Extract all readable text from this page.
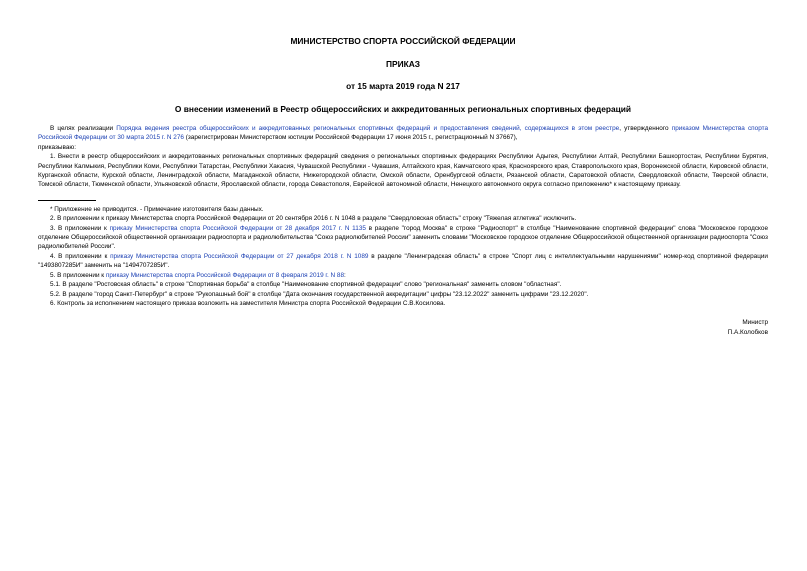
МИНИСТЕРСТВО СПОРТА РОССИЙСКОЙ ФЕДЕРАЦИИ
ПРИКАЗ
от 15 марта 2019 года N 217
О внесении изменений в Реестр общероссийских и аккредитованных региональных спортивных федераций

В целях реализации Порядка ведения реестра общероссийских и аккредитованных региональных спортивных федераций и предоставления сведений, содержащихся в этом реестре, утвержденного приказом Министерства спорта Российской Федерации от 30 марта 2015 г. N 276 (зарегистрирован Министерством юстиции Российской Федерации 17 июня 2015 г., регистрационный N 37667),

приказываю:

1. Внести в реестр общероссийских и аккредитованных региональных спортивных федераций сведения о региональных спортивных федерациях Республики Адыгея, Республики Алтай, Республики Башкортостан, Республики Бурятия, Республики Калмыкия, Республики Коми, Республики Татарстан, Республики Хакасия, Чувашской Республики - Чувашия, Алтайского края, Камчатского края, Красноярского края, Ставропольского края, Воронежской области, Кировской области, Курганской области, Курской области, Ленинградской области, Магаданской области, Нижегородской области, Омской области, Оренбургской области, Рязанской области, Саратовской области, Свердловской области, Тверской области, Томской области, Тюменской области, Ульяновской области, Ярославской области, города Севастополя, Еврейской автономной области, Ненецкого автономного округа согласно приложению* к настоящему приказу.

* Приложение не приводится. - Примечание изготовителя базы данных.

2. В приложении к приказу Министерства спорта Российской Федерации от 20 сентября 2016 г. N 1048 в разделе "Свердловская область" строку "Тяжелая атлетика" исключить.

3. В приложении к приказу Министерства спорта Российской Федерации от 28 декабря 2017 г. N 1135 в разделе "город Москва" в строке "Радиоспорт" в столбце "Наименование спортивной федерации" слова "Московское городское отделение Общероссийской общественной организации радиоспорта и радиолюбительства "Союз радиолюбителей России" заменить словами "Московское городское отделение Общероссийской общественной организации радиоспорта "Союз радиолюбителей России".

4. В приложении к приказу Министерства спорта Российской Федерации от 27 декабря 2018 г. N 1089 в разделе "Ленинградская область" в строке "Спорт лиц с интеллектуальными нарушениями" номер-код спортивной федерации "1493807285И" заменить на "1494707285И".

5. В приложении к приказу Министерства спорта Российской Федерации от 8 февраля 2019 г. N 88:

5.1. В разделе "Ростовская область" в строке "Спортивная борьба" в столбце "Наименование спортивной федерации" слово "региональная" заменить словом "областная".

5.2. В разделе "город Санкт-Петербург" в строке "Рукопашный бой" в столбце "Дата окончания государственной аккредитации" цифры "23.12.2022" заменить цифрами "23.12.2020".

6. Контроль за исполнением настоящего приказа возложить на заместителя Министра спорта Российской Федерации С.В.Косилова.

Министр
П.А.Колобков
